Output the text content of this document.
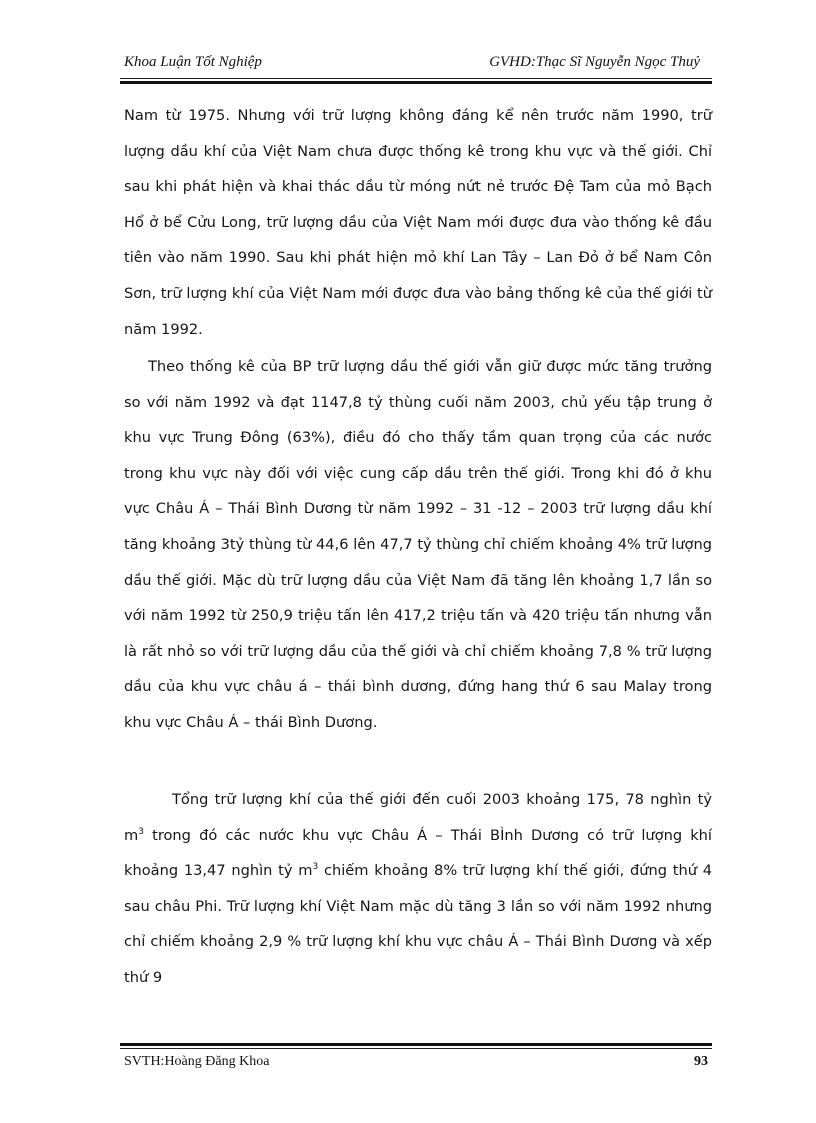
Khoa Luận Tốt Nghiệp	GVHD:Thạc Sĩ Nguyễn Ngọc Thuỷ

Nam từ 1975. Nhưng với trữ lượng không đáng kể nên trước năm 1990, trữ lượng dầu khí của Việt Nam chưa được thống kê trong khu vực và thế giới. Chỉ sau khi phát hiện và khai thác dầu từ móng nứt nẻ trước Đệ Tam của mỏ Bạch Hổ ở bể Cửu Long, trữ lượng dầu của Việt Nam mới được đưa vào thống kê đầu tiên vào năm 1990. Sau khi phát hiện mỏ khí Lan Tây – Lan Đỏ ở bể Nam Côn Sơn, trữ lượng khí của Việt Nam mới được đưa vào bảng thống kê của thế giới từ năm 1992.

Theo thống kê của BP trữ lượng dầu thế giới vẫn giữ được mức tăng trưởng so với năm 1992 và đạt 1147,8 tỷ thùng cuối năm 2003, chủ yếu tập trung ở khu vực Trung Đông (63%), điều đó cho thấy tầm quan trọng của các nước trong khu vực này đối với việc cung cấp dầu trên thế giới. Trong khi đó ở khu vực Châu Á – Thái Bình Dương từ năm 1992 – 31 -12 – 2003 trữ lượng dầu khí tăng khoảng 3tỷ thùng từ 44,6 lên 47,7 tỷ thùng chỉ chiếm khoảng 4% trữ lượng dầu thế giới. Mặc dù trữ lượng dầu của Việt Nam đã tăng lên khoảng 1,7 lần so với năm 1992 từ 250,9 triệu tấn lên 417,2 triệu tấn và 420 triệu tấn nhưng vẫn là rất nhỏ so với trữ lượng dầu của thế giới và chỉ chiếm khoảng 7,8 % trữ lượng dầu của khu vực châu á – thái bình dương, đứng hang thứ 6 sau Malay trong khu vực Châu Á – thái Bình Dương.

Tổng trữ lượng khí của thế giới đến cuối 2003 khoảng 175, 78 nghìn tỷ $m^3$ trong đó các nước khu vực Châu Á – Thái BÌnh Dương có trữ lượng khí khoảng 13,47 nghìn tỷ $m^3$ chiếm khoảng 8% trữ lượng khí thế giới, đứng thứ 4 sau châu Phi. Trữ lượng khí Việt Nam mặc dù tăng 3 lần so với năm 1992 nhưng chỉ chiếm khoảng 2,9 % trữ lượng khí khu vực châu Á – Thái Bình Dương và xếp thứ 9

SVTH:Hoàng Đăng Khoa	93
